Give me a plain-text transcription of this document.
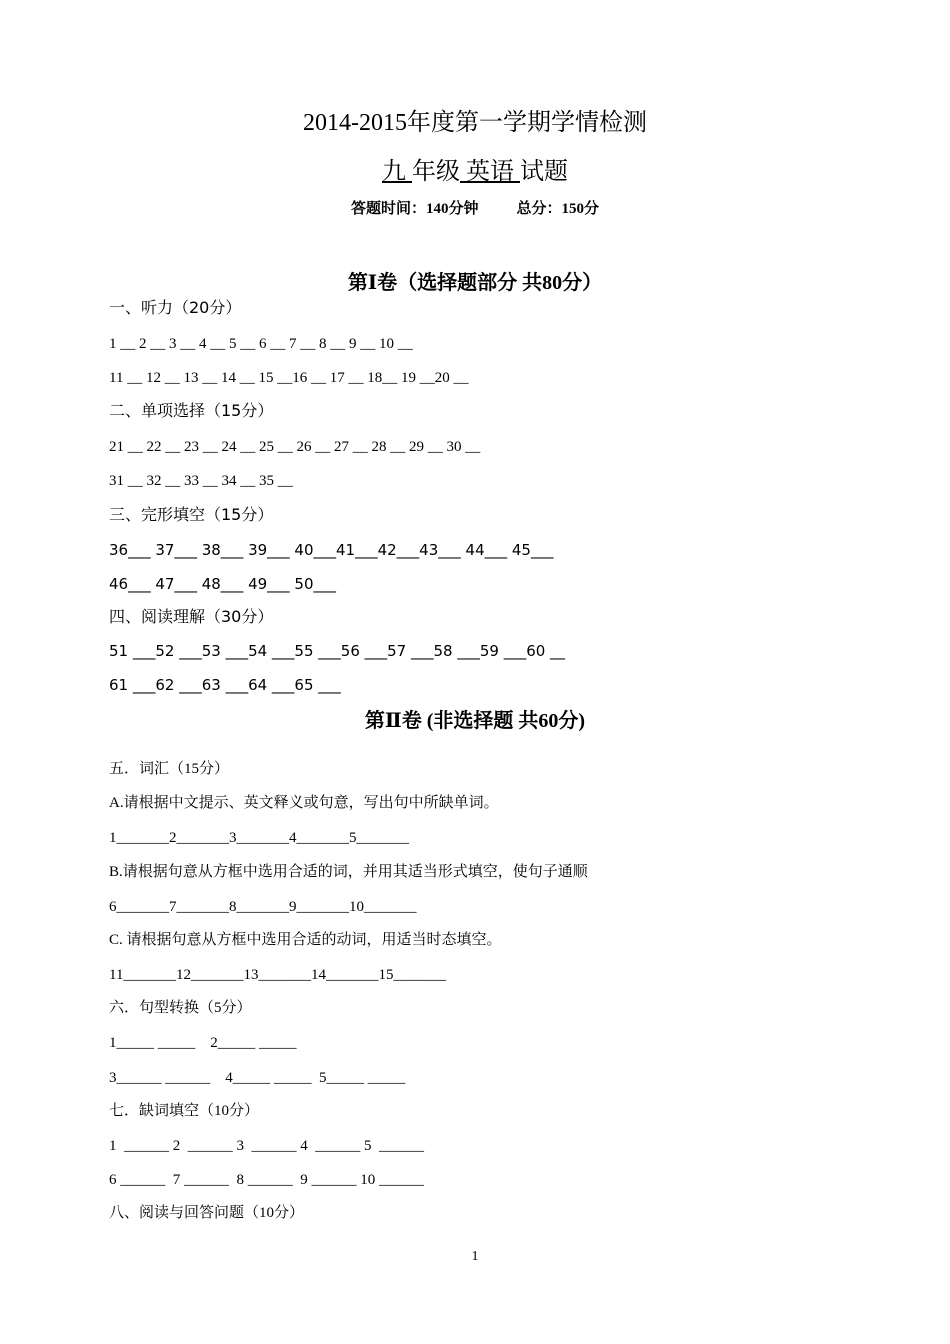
2014-2015年度第一学期学情检测
九 年级 英语 试题
答题时间：140分钟	总分：150分
第Ⅰ卷（选择题部分 共80分）
一、听力（20分）
1 __ 2 __ 3 __ 4 __ 5 __ 6 __ 7 __ 8 __ 9 __ 10 __
11 __ 12 __ 13 __ 14 __ 15 __16 __ 17 __ 18__ 19 __20 __
二、单项选择（15分）
21 __ 22 __ 23 __ 24 __ 25 __ 26 __ 27 __ 28 __ 29 __ 30 __
31 __ 32 __ 33 __ 34 __ 35 __
三、完形填空（15分）
36___ 37___ 38___ 39___ 40___41___42___43___ 44___ 45___
46___ 47___ 48___ 49___ 50___
四、阅读理解（30分）
51 ___52 ___53 ___54 ___55 ___56 ___57 ___58 ___59 ___60 __
61 ___62 ___63 ___64 ___65 ___
第Ⅱ卷 (非选择题 共60分)
五．词汇（15分）
A.请根据中文提示、英文释义或句意，写出句中所缺单词。
1_______2_______3_______4_______5_______
B.请根据句意从方框中选用合适的词，并用其适当形式填空，使句子通顺
6_______7_______8_______9_______10_______
C. 请根据句意从方框中选用合适的动词，用适当时态填空。
11_______12_______13_______14_______15_______
六．句型转换（5分）
1_____ _____    2_____ _____
3______ ______    4_____ _____  5_____ _____
七．缺词填空（10分）
1  ______ 2  ______ 3  ______ 4  ______ 5  ______
6 ______  7 ______  8 ______  9 ______ 10 ______
八、阅读与回答问题（10分）
1
